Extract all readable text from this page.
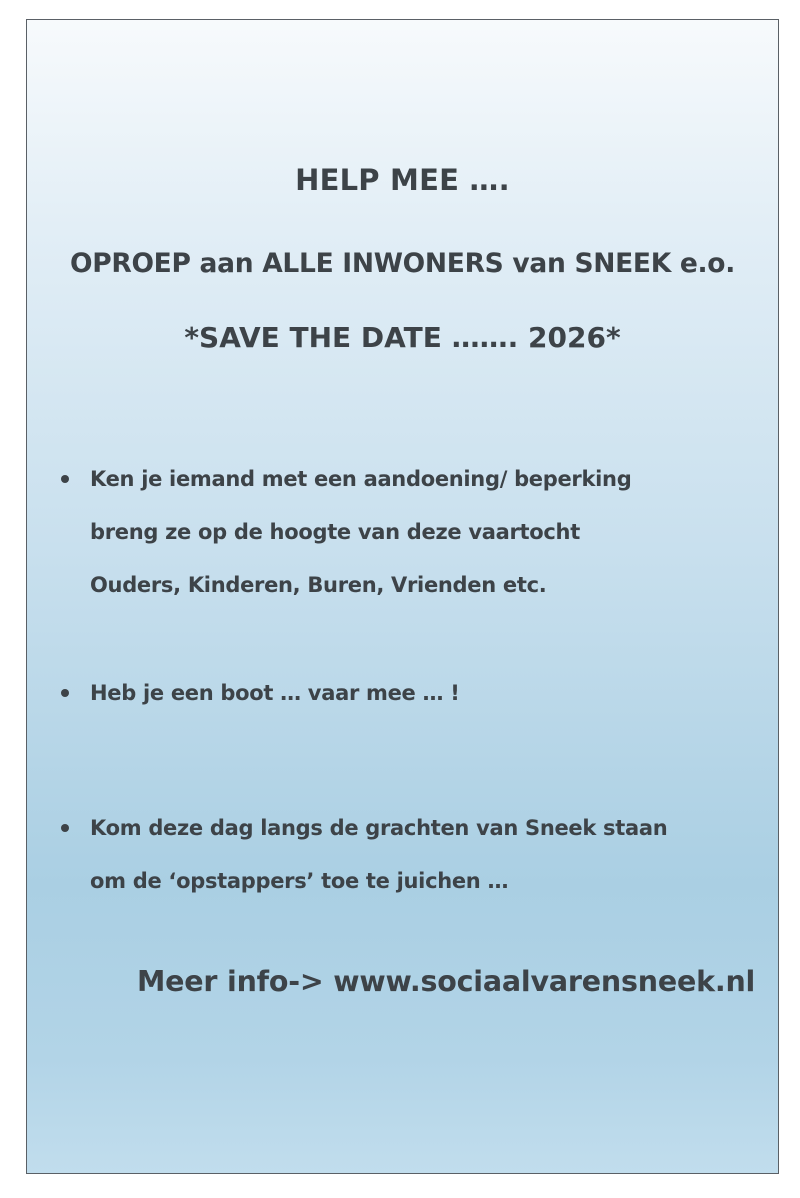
HELP MEE ….
OPROEP aan ALLE INWONERS van SNEEK e.o.
*SAVE THE DATE ……. 2026*
Ken je iemand met een aandoening/ beperking
breng ze op de hoogte van deze vaartocht
Ouders, Kinderen, Buren, Vrienden etc.
Heb je een boot … vaar mee … !
Kom deze dag langs de grachten van Sneek staan
om de ‘opstappers’ toe te juichen …
Meer info-> www.sociaalvarensneek.nl
